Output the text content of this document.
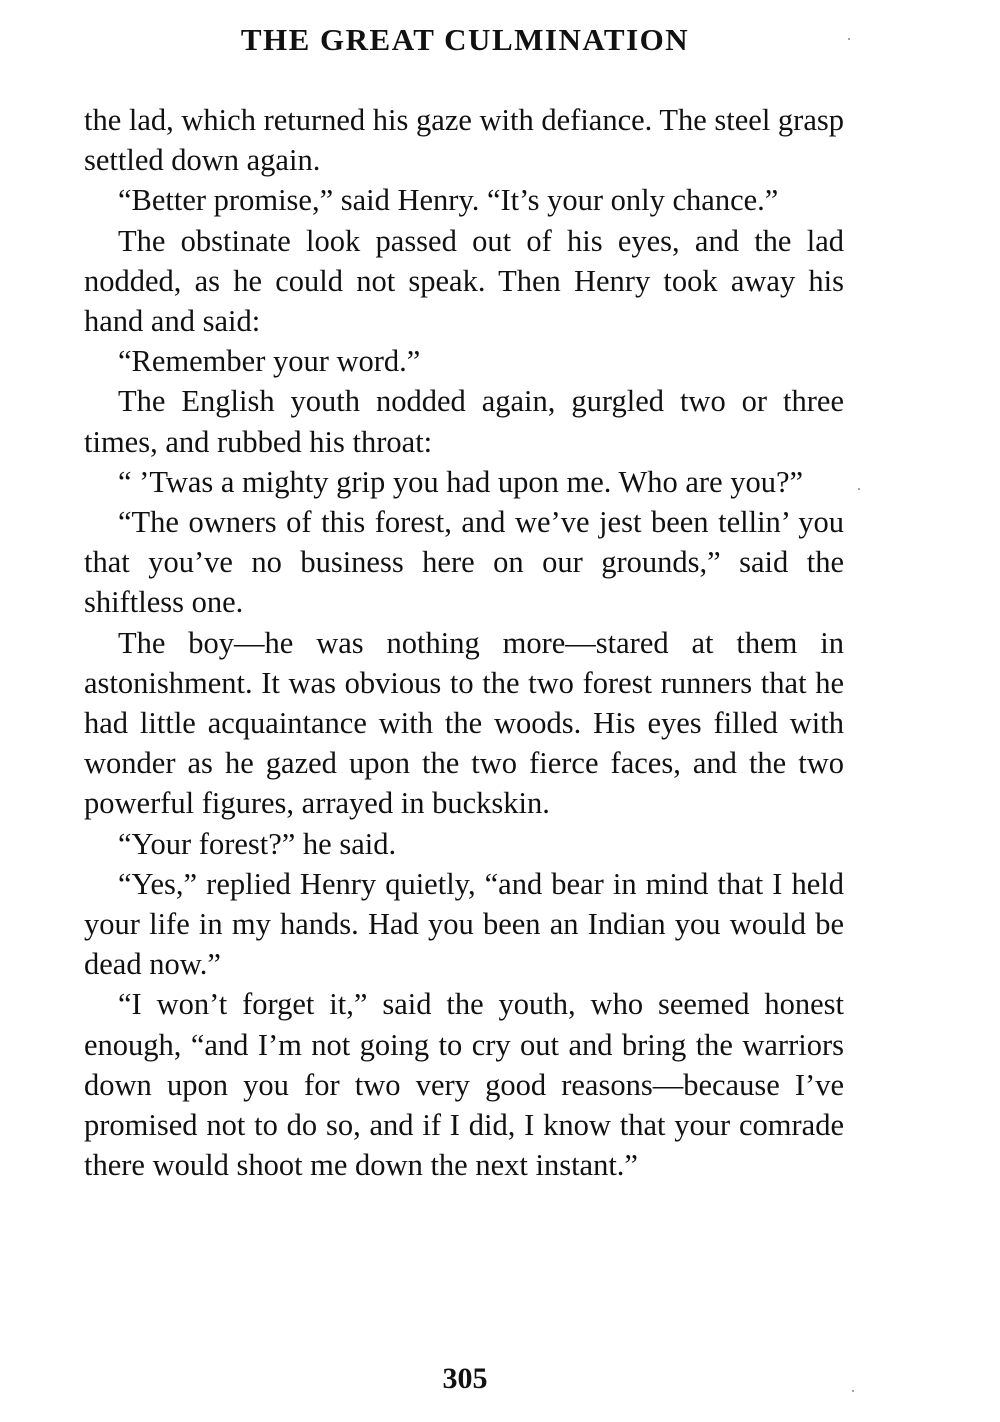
THE GREAT CULMINATION

the lad, which returned his gaze with defiance. The steel grasp settled down again.

“Better promise,” said Henry. “It’s your only chance.”

The obstinate look passed out of his eyes, and the lad nodded, as he could not speak. Then Henry took away his hand and said:

“Remember your word.”

The English youth nodded again, gurgled two or three times, and rubbed his throat:

“ ’Twas a mighty grip you had upon me. Who are you?”

“The owners of this forest, and we’ve jest been tellin’ you that you’ve no business here on our grounds,” said the shiftless one.

The boy—he was nothing more—stared at them in astonishment. It was obvious to the two forest runners that he had little acquaintance with the woods. His eyes filled with wonder as he gazed upon the two fierce faces, and the two powerful figures, arrayed in buckskin.

“Your forest?” he said.

“Yes,” replied Henry quietly, “and bear in mind that I held your life in my hands. Had you been an Indian you would be dead now.”

“I won’t forget it,” said the youth, who seemed honest enough, “and I’m not going to cry out and bring the warriors down upon you for two very good reasons—because I’ve promised not to do so, and if I did, I know that your comrade there would shoot me down the next instant.”

305
